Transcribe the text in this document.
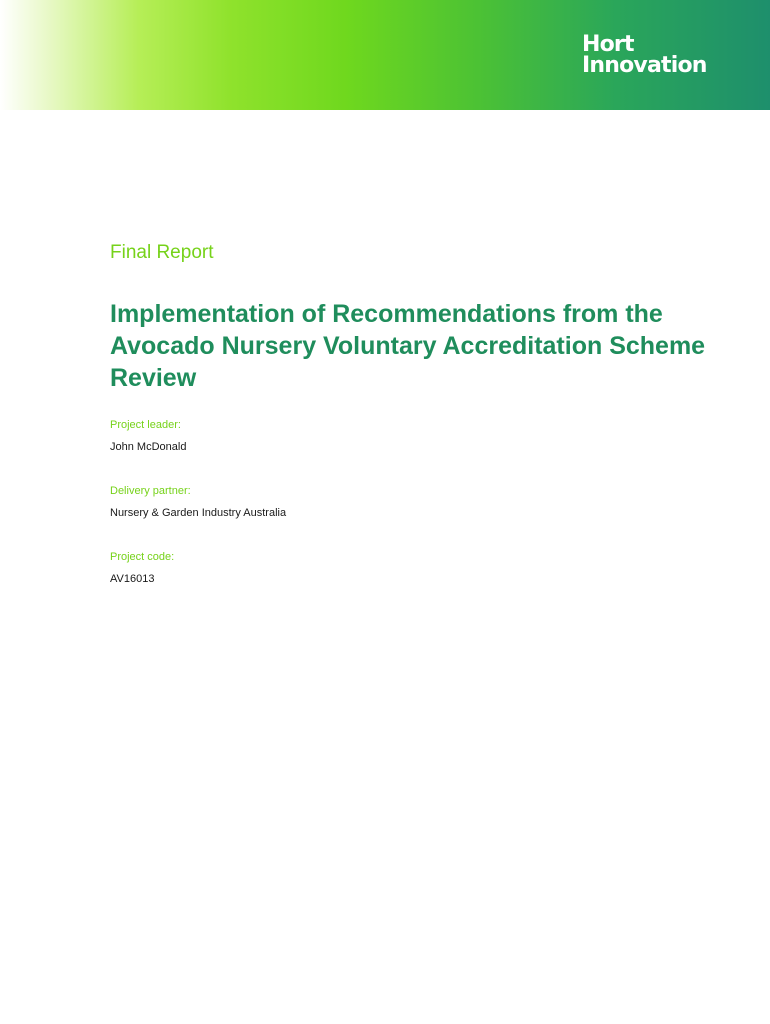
Hort
Innovation
Final Report
Implementation of Recommendations from the Avocado Nursery Voluntary Accreditation Scheme Review
Project leader:
John McDonald
Delivery partner:
Nursery & Garden Industry Australia
Project code:
AV16013
